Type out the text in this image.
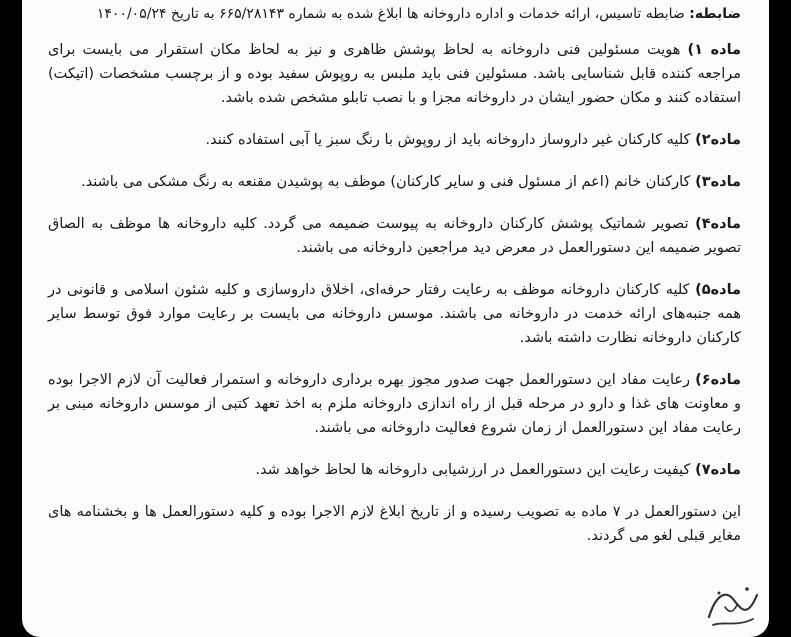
ضابطه: ضابطه تاسیس، ارائه خدمات و اداره داروخانه ها ابلاغ شده به شماره ۶۶۵/۲۸۱۴۳ به تاریخ ۱۴۰۰/۰۵/۲۴
ماده ۱) هویت مسئولین فنی داروخانه به لحاظ پوشش ظاهری و نیز به لحاظ مکان استقرار می بایست برای مراجعه کننده قابل شناسایی باشد. مسئولین فنی باید ملبس به روپوش سفید بوده و از برچسب مشخصات (اتیکت) استفاده کنند و مکان حضور ایشان در داروخانه مجزا و با نصب تابلو مشخص شده باشد.
ماده۲) کلیه کارکنان غیر داروساز داروخانه باید از روپوش با رنگ سبز یا آبی استفاده کنند.
ماده۳) کارکنان خانم (اعم از مسئول فنی و سایر کارکنان) موظف به پوشیدن مقنعه به رنگ مشکی می باشند.
ماده۴) تصویر شماتیک پوشش کارکنان داروخانه به پیوست ضمیمه می گردد. کلیه داروخانه ها موظف به الصاق تصویر ضمیمه این دستورالعمل در معرض دید مراجعین داروخانه می باشند.
ماده۵) کلیه کارکنان داروخانه موظف به رعایت رفتار حرفه‌ای، اخلاق داروسازی و کلیه شئون اسلامی و قانونی در همه جنبه‌های ارائه خدمت در داروخانه می باشند. موسس داروخانه می بایست بر رعایت موارد فوق توسط سایر کارکنان داروخانه نظارت داشته باشد.
ماده۶) رعایت مفاد این دستورالعمل جهت صدور مجوز بهره برداری داروخانه و استمرار فعالیت آن لازم الاجرا بوده و معاونت های غذا و دارو در مرحله قبل از راه اندازی داروخانه ملزم به اخذ تعهد کتبی از موسس داروخانه مبنی بر رعایت مفاد این دستورالعمل از زمان شروع فعالیت داروخانه می باشند.
ماده۷) کیفیت رعایت این دستورالعمل در ارزشیابی داروخانه ها لحاظ خواهد شد.
این دستورالعمل در ۷ ماده به تصویب رسیده و از تاریخ ابلاغ لازم الاجرا بوده و کلیه دستورالعمل ها و بخشنامه های مغایر قبلی لغو می گردند.
